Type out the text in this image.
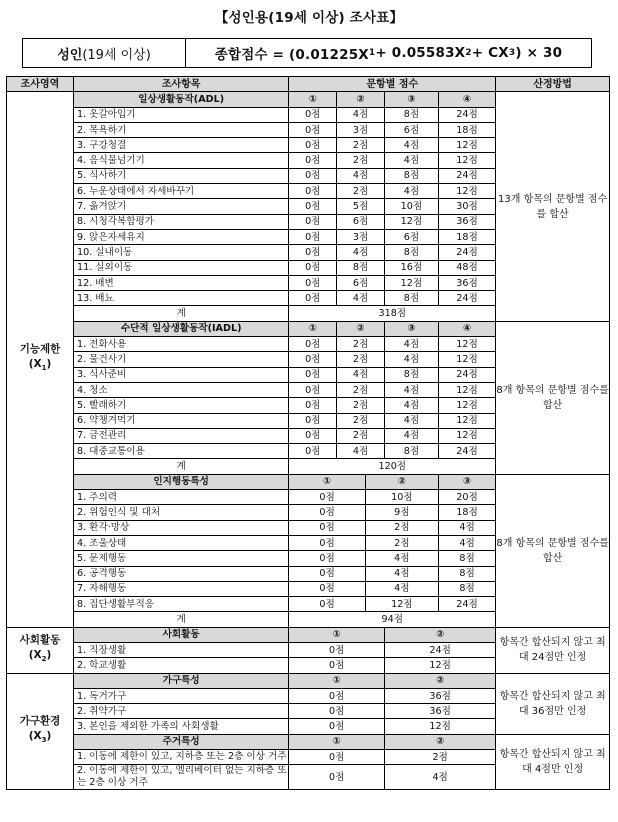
【성인용(19세 이상) 조사표】
성인 (19세 이상)	종합점수 = (0.01225X 1 + 0.05583X 2 + CX 3 ) × 30
조사영역	조사항목	문항별 점수					산정방법
기능제한
$(X_1)$	일상생활동작(ADL)	①	②		③	④	13개 항목의 문항별 점수를 합산
	1. 옷갈아입기	0점	4점		8점	24점	
	2. 목욕하기	0점	3점		6점	18점	
	3. 구강청결	0점	2점		4점	12점	
	4. 음식물넘기기	0점	2점		4점	12점	
	5. 식사하기	0점	4점		8점	24점	
	6. 누운상태에서 자세바꾸기	0점	2점		4점	12점	
	7. 옮겨앉기	0점	5점		10점	30점	
	8. 시청각복합평가	0점	6점		12점	36점	
	9. 앉은자세유지	0점	3점		6점	18점	
	10. 실내이동	0점	4점		8점	24점	
	11. 실외이동	0점	8점		16점	48점	
	12. 배변	0점	6점		12점	36점	
	13. 배뇨	0점	4점		8점	24점	
	계	318점					
	수단적 일상생활동작(IADL)	①	②		③	④	8개 항목의 문항별 점수를 합산
	1. 전화사용	0점	2점		4점	12점	
	2. 물건사기	0점	2점		4점	12점	
	3. 식사준비	0점	4점		8점	24점	
	4. 청소	0점	2점		4점	12점	
	5. 빨래하기	0점	2점		4점	12점	
	6. 약챙겨먹기	0점	2점		4점	12점	
	7. 금전관리	0점	2점		4점	12점	
	8. 대중교통이용	0점	4점		8점	24점	
	계	120점					
	인지행동특성	①		②		③	8개 항목의 문항별 점수를 합산
	1. 주의력	0점		10점		20점	
	2. 위험인식 및 대처	0점		9점		18점	
	3. 환각·망상	0점		2점		4점	
	4. 조울상태	0점		2점		4점	
	5. 문제행동	0점		4점		8점	
	6. 공격행동	0점		4점		8점	
	7. 자해행동	0점		4점		8점	
	8. 집단생활부적응	0점		12점		24점	
	계	94점					
사회활동
$(X_2)$	사회활동	①			②		항목간 합산되지 않고 최대 24점만 인정
	1. 직장생활	0점			24점		
	2. 학교생활	0점			12점		
가구환경
$(X_3)$	가구특성	①			②		항목간 합산되지 않고 최대 36점만 인정
	1. 독거가구	0점			36점		
	2. 취약가구	0점			36점		
	3. 본인을 제외한 가족의 사회생활	0점			12점		
	주거특성	①			②		항목간 합산되지 않고 최대 4점만 인정
	1. 이동에 제한이 있고, 지하층 또는 2층 이상 거주	0점			2점		
	2. 이동에 제한이 있고, 엘리베이터 없는 지하층 또는 2층 이상 거주	0점			4점		
